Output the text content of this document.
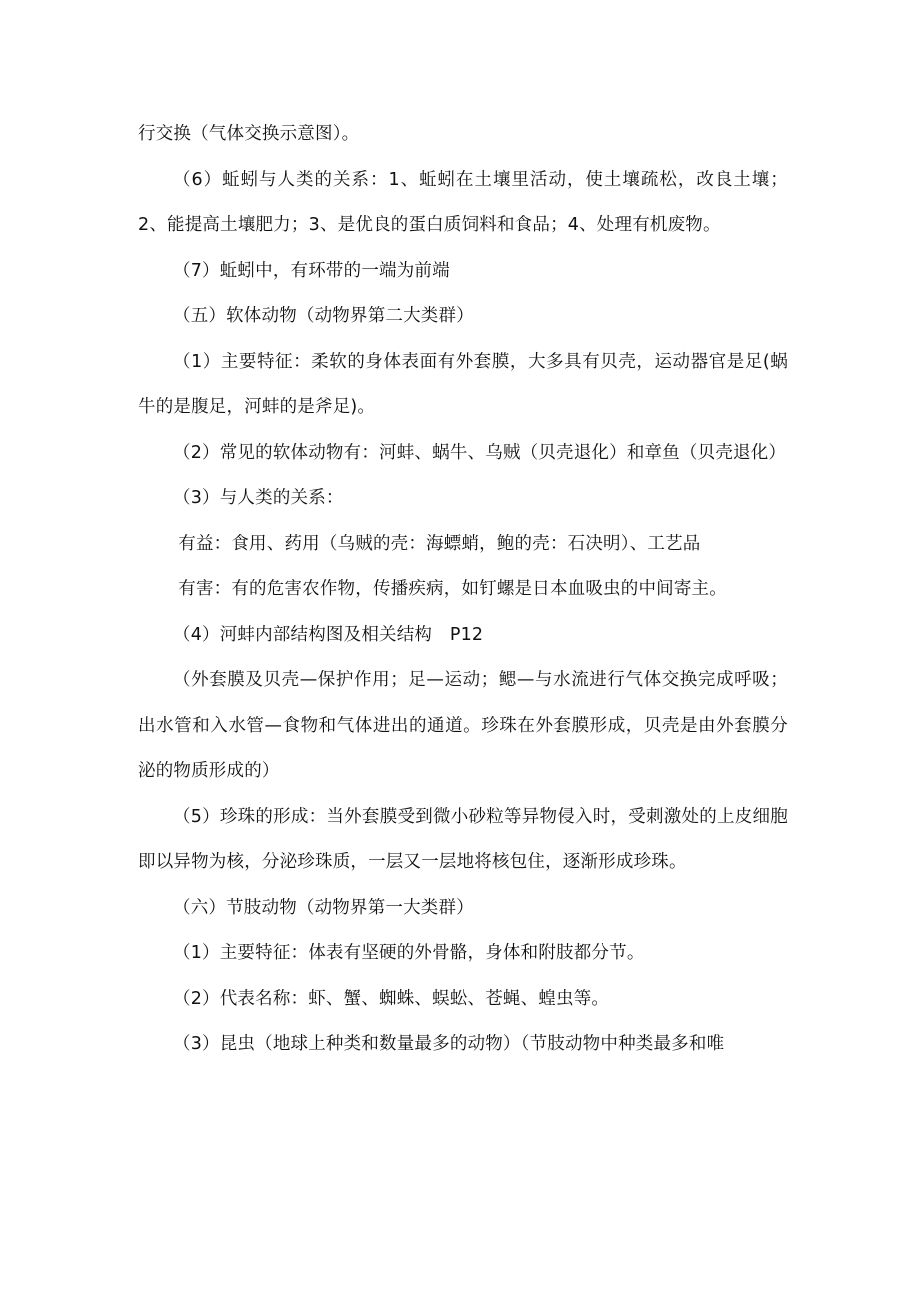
行交换（气体交换示意图）。

（6）蚯蚓与人类的关系：1、蚯蚓在土壤里活动，使土壤疏松，改良土壤；2、能提高土壤肥力；3、是优良的蛋白质饲料和食品；4、处理有机废物。

（7）蚯蚓中，有环带的一端为前端

（五）软体动物（动物界第二大类群）

（1）主要特征：柔软的身体表面有外套膜，大多具有贝壳，运动器官是足(蜗牛的是腹足，河蚌的是斧足)。

（2）常见的软体动物有：河蚌、蜗牛、乌贼（贝壳退化）和章鱼（贝壳退化）

（3）与人类的关系：

有益：食用、药用（乌贼的壳：海螵蛸，鲍的壳：石决明）、工艺品

有害：有的危害农作物，传播疾病，如钉螺是日本血吸虫的中间寄主。

（4）河蚌内部结构图及相关结构　P12

（外套膜及贝壳—保护作用；足—运动；鳃—与水流进行气体交换完成呼吸；出水管和入水管—食物和气体进出的通道。珍珠在外套膜形成，贝壳是由外套膜分泌的物质形成的）

（5）珍珠的形成：当外套膜受到微小砂粒等异物侵入时，受刺激处的上皮细胞即以异物为核，分泌珍珠质，一层又一层地将核包住，逐渐形成珍珠。

（六）节肢动物（动物界第一大类群）

（1）主要特征：体表有坚硬的外骨骼，身体和附肢都分节。

（2）代表名称：虾、蟹、蜘蛛、蜈蚣、苍蝇、蝗虫等。

（3）昆虫（地球上种类和数量最多的动物）（节肢动物中种类最多和唯
